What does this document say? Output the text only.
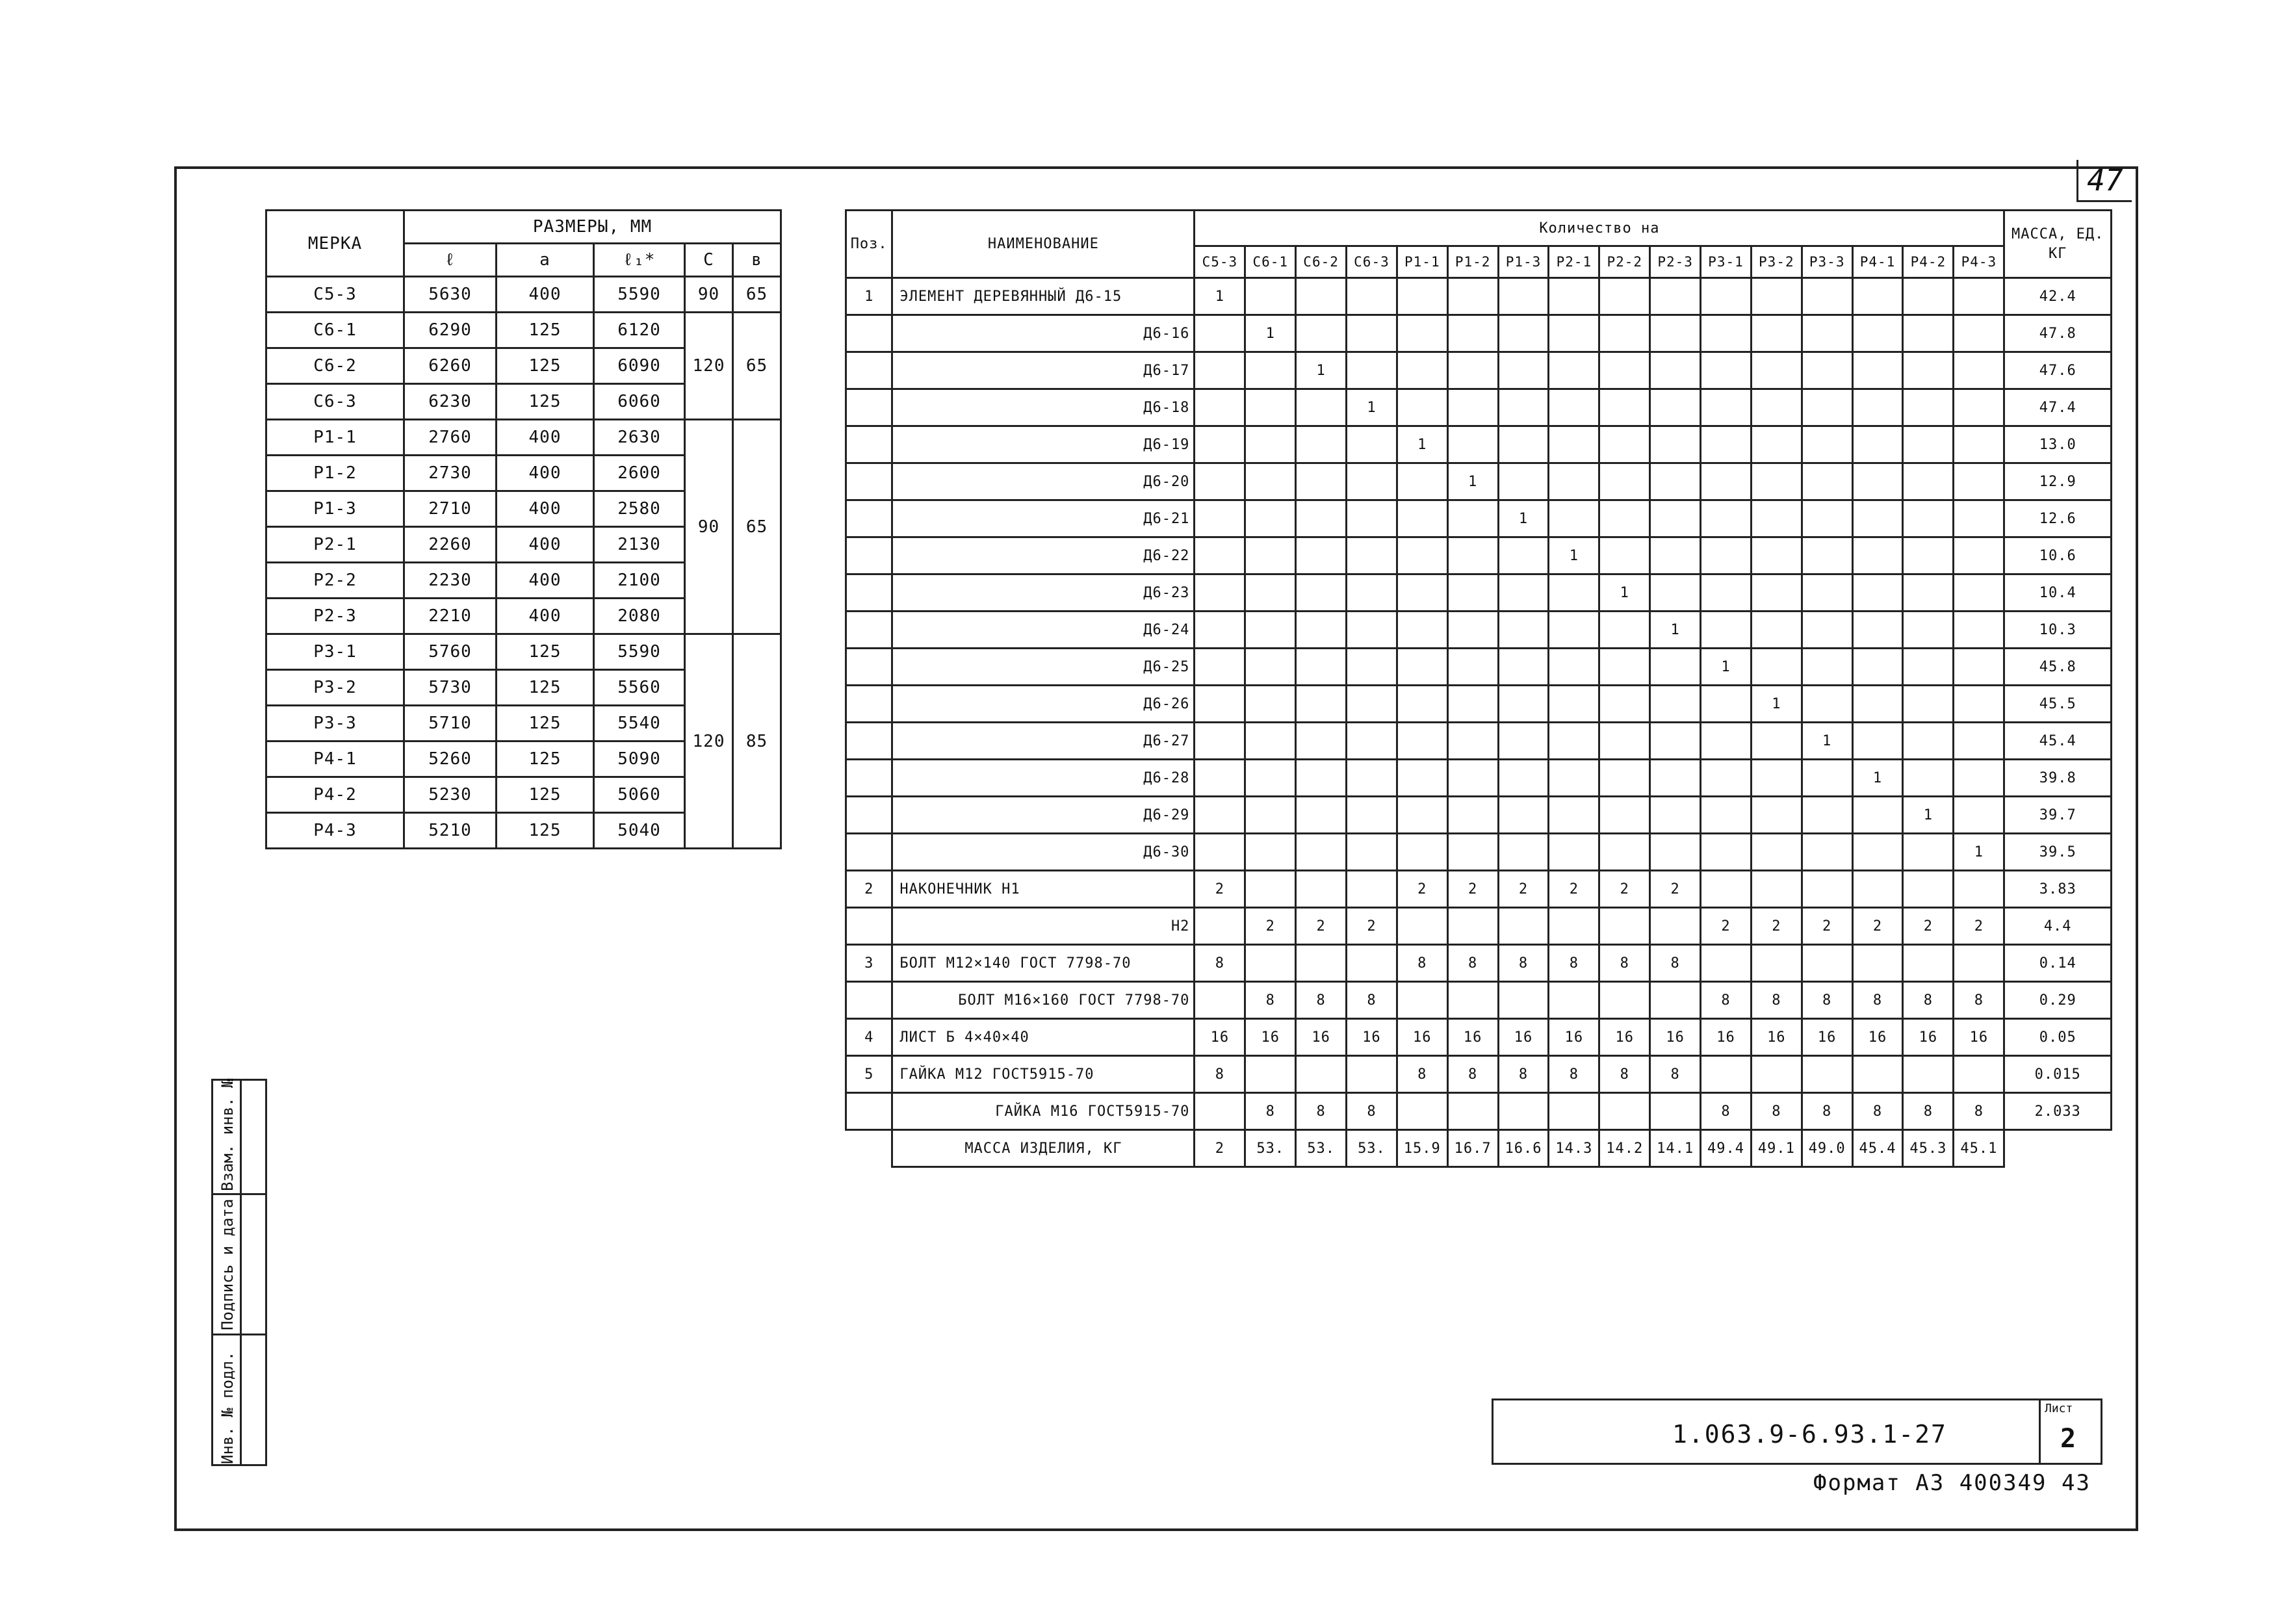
47
МЕРКА	РАЗМЕРЫ, ММ				
	ℓ	a	ℓ₁*	C	в
С5-3	5630	400	5590	90	65
С6-1	6290	125	6120	120	65
С6-2	6260	125	6090		
С6-3	6230	125	6060		
Р1-1	2760	400	2630	90	65
Р1-2	2730	400	2600		
Р1-3	2710	400	2580		
Р2-1	2260	400	2130		
Р2-2	2230	400	2100		
Р2-3	2210	400	2080		
Р3-1	5760	125	5590	120	85
Р3-2	5730	125	5560		
Р3-3	5710	125	5540		
Р4-1	5260	125	5090		
Р4-2	5230	125	5060		
Р4-3	5210	125	5040		
Поз.	НАИМЕНОВАНИЕ	Количество на																МАССА, ЕД. КГ
		С5-3	С6-1	С6-2	С6-3	Р1-1	Р1-2	Р1-3	Р2-1	Р2-2	Р2-3	Р3-1	Р3-2	Р3-3	Р4-1	Р4-2	Р4-3	
1	ЭЛЕМЕНТ ДЕРЕВЯННЫЙ Д6-15	1																42.4
	Д6-16		1															47.8
	Д6-17			1														47.6
	Д6-18				1													47.4
	Д6-19					1												13.0
	Д6-20						1											12.9
	Д6-21							1										12.6
	Д6-22								1									10.6
	Д6-23									1								10.4
	Д6-24										1							10.3
	Д6-25											1						45.8
	Д6-26												1					45.5
	Д6-27													1				45.4
	Д6-28														1			39.8
	Д6-29															1		39.7
	Д6-30																1	39.5
2	НАКОНЕЧНИК Н1	2				2	2	2	2	2	2							3.83
	Н2		2	2	2							2	2	2	2	2	2	4.4
3	БОЛТ М12×140 ГОСТ 7798-70	8				8	8	8	8	8	8							0.14
	БОЛТ М16×160 ГОСТ 7798-70		8	8	8							8	8	8	8	8	8	0.29
4	ЛИСТ Б 4×40×40	16	16	16	16	16	16	16	16	16	16	16	16	16	16	16	16	0.05
5	ГАЙКА М12 ГОСТ5915-70	8				8	8	8	8	8	8							0.015
	ГАЙКА М16 ГОСТ5915-70		8	8	8							8	8	8	8	8	8	2.033
	МАССА ИЗДЕЛИЯ, КГ	2	53.	53.	53.	15.9	16.7	16.6	14.3	14.2	14.1	49.4	49.1	49.0	45.4	45.3	45.1	
Взам. инв. №
Подпись и дата
Инв. № подл.	1.063.9-6.93.1-27
Лист
2
Формат А3 400349 43
